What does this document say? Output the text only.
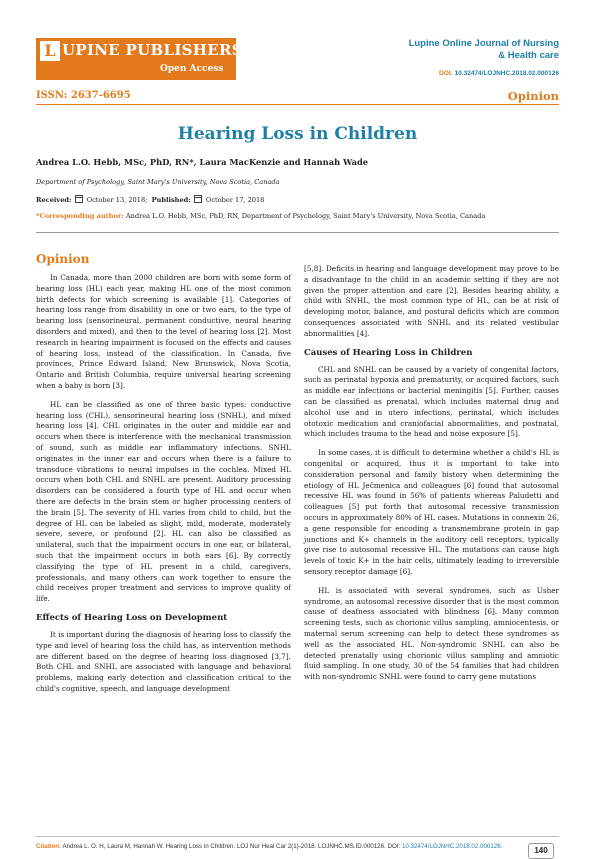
L UPINE PUBLISHERS
Open Access
Lupine Online Journal of Nursing
& Health care
DOI: 10.32474/LOJNHC.2018.02.000126
ISSN: 2637-6695	Opinion
Hearing Loss in Children
Andrea L.O. Hebb, MSc, PhD, RN*, Laura MacKenzie and Hannah Wade
Department of Psychology, Saint Mary's University, Nova Scotia, Canada
Received: October 13, 2018; Published: October 17, 2018
*Corresponding author: Andrea L.O. Hebb, MSc, PhD, RN, Department of Psychology, Saint Mary's University, Nova Scotia, Canada
Opinion

In Canada, more than 2000 children are born with some form of hearing loss (HL) each year, making HL one of the most common birth defects for which screening is available [1]. Categories of hearing loss range from disability in one or two ears, to the type of hearing loss (sensorineural, permanent conductive, neural hearing disorders and mixed), and then to the level of hearing loss [2]. Most research in hearing impairment is focused on the effects and causes of hearing loss, instead of the classification. In Canada, five provinces, Prince Edward Island, New Brunswick, Nova Scotia, Ontario and British Columbia, require universal hearing screening when a baby is born [3].

HL can be classified as one of three basic types: conductive hearing loss (CHL), sensorineural hearing loss (SNHL), and mixed hearing loss [4]. CHL originates in the outer and middle ear and occurs when there is interference with the mechanical transmission of sound, such as middle ear inflammatory infections. SNHL originates in the inner ear and occurs when there is a failure to transduce vibrations to neural impulses in the cochlea. Mixed HL occurs when both CHL and SNHL are present. Auditory processing disorders can be considered a fourth type of HL and occur when there are defects in the brain stem or higher processing centers of the brain [5]. The severity of HL varies from child to child, but the degree of HL can be labeled as slight, mild, moderate, moderately severe, severe, or profound [2]. HL can also be classified as unilateral, such that the impairment occurs in one ear, or bilateral, such that the impairment occurs in both ears [6]. By correctly classifying the type of HL present in a child, caregivers, professionals, and many others can work together to ensure the child receives proper treatment and services to improve quality of life.

Effects of Hearing Loss on Development

It is important during the diagnosis of hearing loss to classify the type and level of hearing loss the child has, as intervention methods are different based on the degree of hearing loss diagnosed [3,7]. Both CHL and SNHL are associated with language and behavioral problems, making early detection and classification critical to the child's cognitive, speech, and language development

[5,8]. Deficits in hearing and language development may prove to be a disadvantage to the child in an academic setting if they are not given the proper attention and care [2]. Besides hearing ability, a child with SNHL, the most common type of HL, can be at risk of developing motor, balance, and postural deficits which are common consequences associated with SNHL and its related vestibular abnormalities [4].

Causes of Hearing Loss in Children

CHL and SNHL can be caused by a variety of congenital factors, such as perinatal hypoxia and prematurity, or acquired factors, such as middle ear infections or bacterial meningitis [5]. Further, causes can be classified as prenatal, which includes maternal drug and alcohol use and in utero infections, perinatal, which includes ototoxic medication and craniofacial abnormalities, and postnatal, which includes trauma to the head and noise exposure [5].

In some cases, it is difficult to determine whether a child's HL is congenital or acquired, thus it is important to take into consideration personal and family history when determining the etiology of HL Ječmenica and colleagues [6] found that autosomal recessive HL was found in 56% of patients whereas Paludetti and colleagues [5] put forth that autosomal recessive transmission occurs in approximately 80% of HL cases. Mutations in connexin 26, a gene responsible for encoding a transmembrane protein in gap junctions and K+ channels in the auditory cell receptors, typically give rise to autosomal recessive HL. The mutations can cause high levels of toxic K+ in the hair cells, ultimately leading to irreversible sensory receptor damage [6].

HL is associated with several syndromes, such as Usher syndrome, an autosomal recessive disorder that is the most common cause of deafness associated with blindness [6]. Many common screening tests, such as chorionic villus sampling, amniocentesis, or maternal serum screening can help to detect these syndromes as well as the associated HL. Non-syndromic SNHL can also be detected prenatally using chorionic villus sampling and amniotic fluid sampling. In one study, 30 of the 54 families that had children with non-syndromic SNHL were found to carry gene mutations

Citation: Andrea L. O. H, Laura M, Hannah W. Hearing Loss in Children. LOJ Nur Heal Car 2(1)-2018. LOJNHC.MS.ID.000126. DOI: 10.32474/LOJNHC.2018.02.000126.	140
